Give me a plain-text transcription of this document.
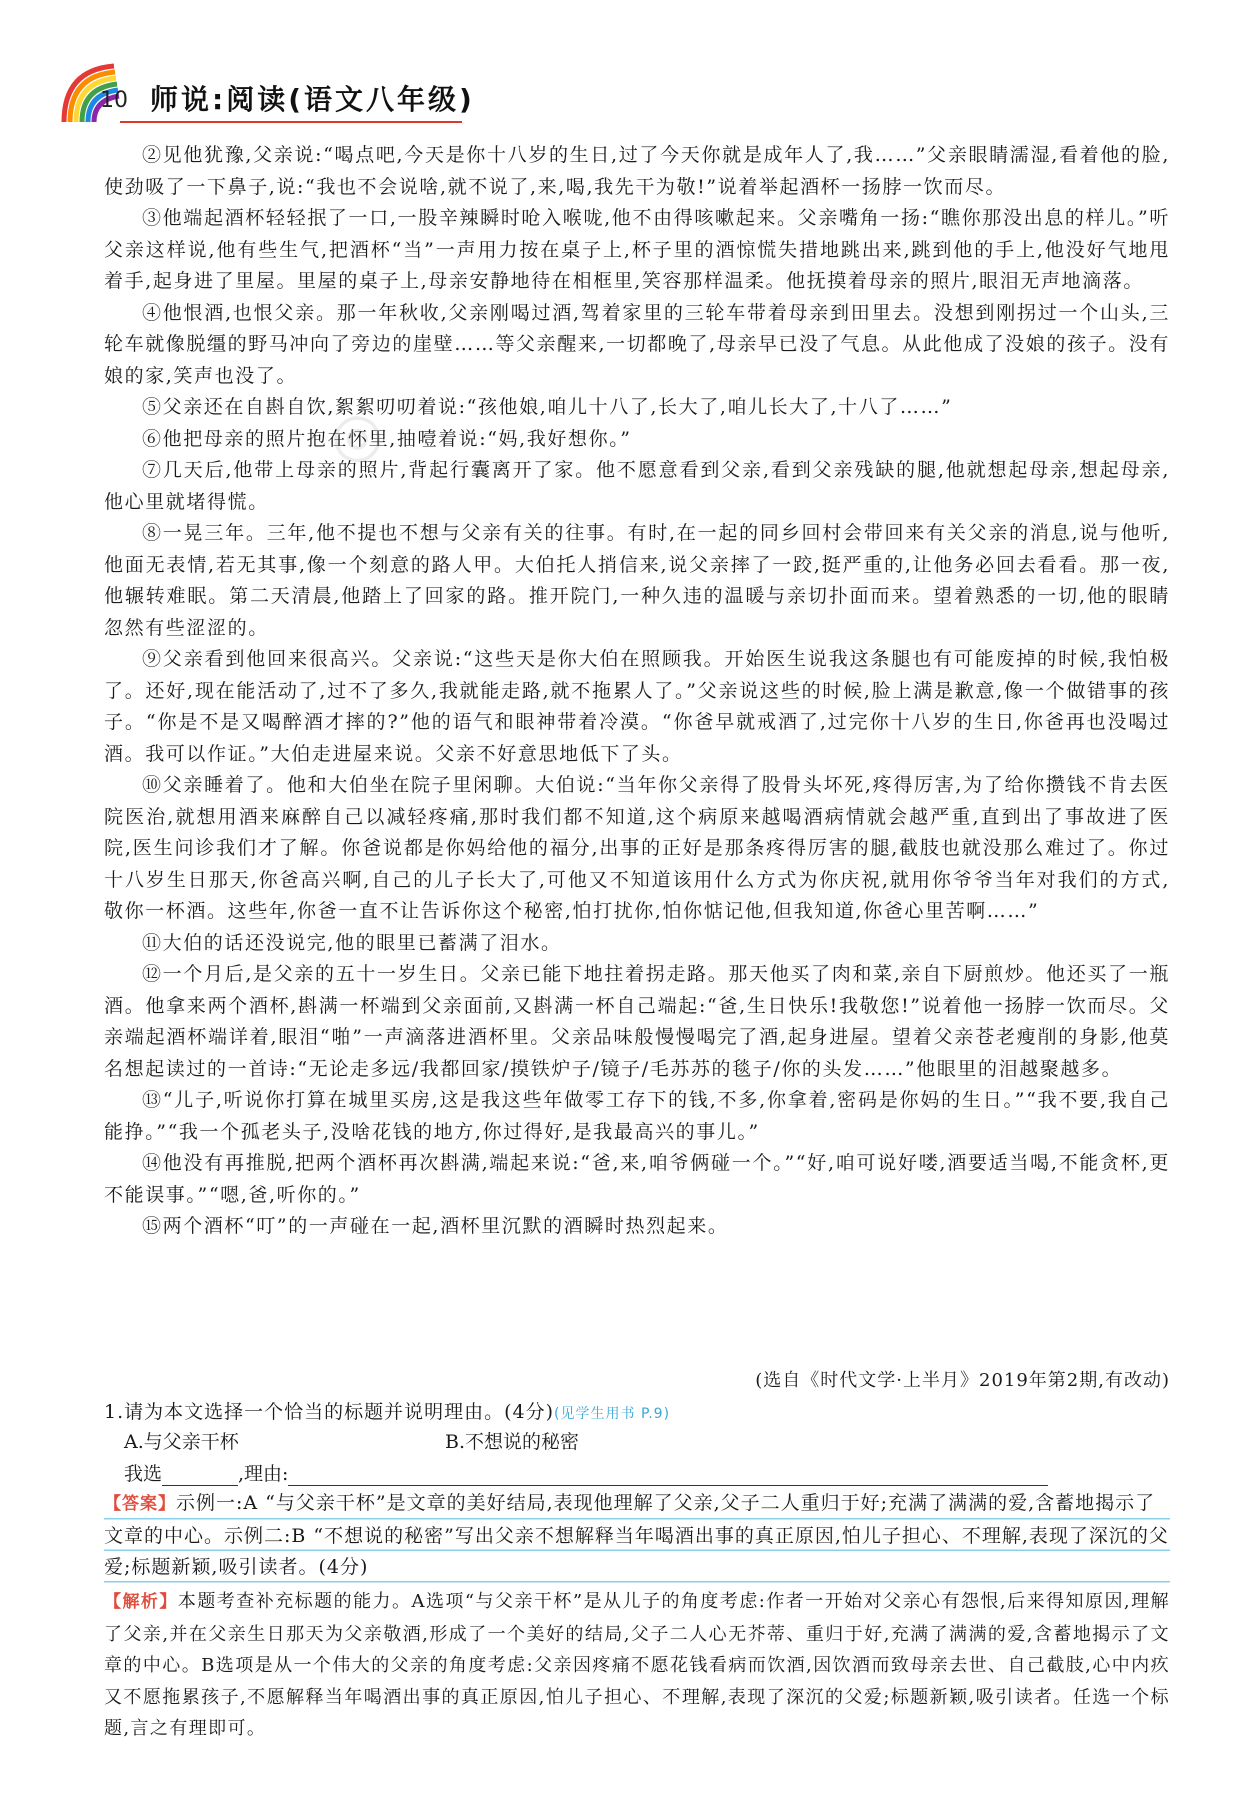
10 师说:阅读(语文八年级)

②见他犹豫,父亲说:“喝点吧,今天是你十八岁的生日,过了今天你就是成年人了,我……”父亲眼睛濡湿,看着他的脸,使劲吸了一下鼻子,说:“我也不会说啥,就不说了,来,喝,我先干为敬!”说着举起酒杯一扬脖一饮而尽。

③他端起酒杯轻轻抿了一口,一股辛辣瞬时呛入喉咙,他不由得咳嗽起来。父亲嘴角一扬:“瞧你那没出息的样儿。”听父亲这样说,他有些生气,把酒杯“当”一声用力按在桌子上,杯子里的酒惊慌失措地跳出来,跳到他的手上,他没好气地甩着手,起身进了里屋。里屋的桌子上,母亲安静地待在相框里,笑容那样温柔。他抚摸着母亲的照片,眼泪无声地滴落。

④他恨酒,也恨父亲。那一年秋收,父亲刚喝过酒,驾着家里的三轮车带着母亲到田里去。没想到刚拐过一个山头,三轮车就像脱缰的野马冲向了旁边的崖壁……等父亲醒来,一切都晚了,母亲早已没了气息。从此他成了没娘的孩子。没有娘的家,笑声也没了。

⑤父亲还在自斟自饮,絮絮叨叨着说:“孩他娘,咱儿十八了,长大了,咱儿长大了,十八了……”

⑥他把母亲的照片抱在怀里,抽噎着说:“妈,我好想你。”

⑦几天后,他带上母亲的照片,背起行囊离开了家。他不愿意看到父亲,看到父亲残缺的腿,他就想起母亲,想起母亲,他心里就堵得慌。

⑧一晃三年。三年,他不提也不想与父亲有关的往事。有时,在一起的同乡回村会带回来有关父亲的消息,说与他听,他面无表情,若无其事,像一个刻意的路人甲。大伯托人捎信来,说父亲摔了一跤,挺严重的,让他务必回去看看。那一夜,他辗转难眠。第二天清晨,他踏上了回家的路。推开院门,一种久违的温暖与亲切扑面而来。望着熟悉的一切,他的眼睛忽然有些涩涩的。

⑨父亲看到他回来很高兴。父亲说:“这些天是你大伯在照顾我。开始医生说我这条腿也有可能废掉的时候,我怕极了。还好,现在能活动了,过不了多久,我就能走路,就不拖累人了。”父亲说这些的时候,脸上满是歉意,像一个做错事的孩子。“你是不是又喝醉酒才摔的?”他的语气和眼神带着冷漠。“你爸早就戒酒了,过完你十八岁的生日,你爸再也没喝过酒。我可以作证。”大伯走进屋来说。父亲不好意思地低下了头。

⑩父亲睡着了。他和大伯坐在院子里闲聊。大伯说:“当年你父亲得了股骨头坏死,疼得厉害,为了给你攒钱不肯去医院医治,就想用酒来麻醉自己以减轻疼痛,那时我们都不知道,这个病原来越喝酒病情就会越严重,直到出了事故进了医院,医生问诊我们才了解。你爸说都是你妈给他的福分,出事的正好是那条疼得厉害的腿,截肢也就没那么难过了。你过十八岁生日那天,你爸高兴啊,自己的儿子长大了,可他又不知道该用什么方式为你庆祝,就用你爷爷当年对我们的方式,敬你一杯酒。这些年,你爸一直不让告诉你这个秘密,怕打扰你,怕你惦记他,但我知道,你爸心里苦啊……”

⑪大伯的话还没说完,他的眼里已蓄满了泪水。

⑫一个月后,是父亲的五十一岁生日。父亲已能下地拄着拐走路。那天他买了肉和菜,亲自下厨煎炒。他还买了一瓶酒。他拿来两个酒杯,斟满一杯端到父亲面前,又斟满一杯自己端起:“爸,生日快乐!我敬您!”说着他一扬脖一饮而尽。父亲端起酒杯端详着,眼泪“啪”一声滴落进酒杯里。父亲品味般慢慢喝完了酒,起身进屋。望着父亲苍老瘦削的身影,他莫名想起读过的一首诗:“无论走多远/我都回家/摸铁炉子/镜子/毛苏苏的毯子/你的头发……”他眼里的泪越聚越多。

⑬“儿子,听说你打算在城里买房,这是我这些年做零工存下的钱,不多,你拿着,密码是你妈的生日。”“我不要,我自己能挣。”“我一个孤老头子,没啥花钱的地方,你过得好,是我最高兴的事儿。”

⑭他没有再推脱,把两个酒杯再次斟满,端起来说:“爸,来,咱爷俩碰一个。”“好,咱可说好喽,酒要适当喝,不能贪杯,更不能误事。”“嗯,爸,听你的。”

⑮两个酒杯“叮”的一声碰在一起,酒杯里沉默的酒瞬时热烈起来。

(选自《时代文学·上半月》2019年第2期,有改动)
1.请为本文选择一个恰当的标题并说明理由。(4分)(见学生用书 P.9)
A.与父亲干杯	B.不想说的秘密
我选	,理由:

【答案】示例一:A “与父亲干杯”是文章的美好结局,表现他理解了父亲,父子二人重归于好;充满了满满的爱,含蓄地揭示了文章的中心。示例二:B “不想说的秘密”写出父亲不想解释当年喝酒出事的真正原因,怕儿子担心、不理解,表现了深沉的父爱;标题新颖,吸引读者。(4分)

【解析】本题考查补充标题的能力。A选项“与父亲干杯”是从儿子的角度考虑:作者一开始对父亲心有怨恨,后来得知原因,理解了父亲,并在父亲生日那天为父亲敬酒,形成了一个美好的结局,父子二人心无芥蒂、重归于好,充满了满满的爱,含蓄地揭示了文章的中心。B选项是从一个伟大的父亲的角度考虑:父亲因疼痛不愿花钱看病而饮酒,因饮酒而致母亲去世、自己截肢,心中内疚又不愿拖累孩子,不愿解释当年喝酒出事的真正原因,怕儿子担心、不理解,表现了深沉的父爱;标题新颖,吸引读者。任选一个标题,言之有理即可。

◎
